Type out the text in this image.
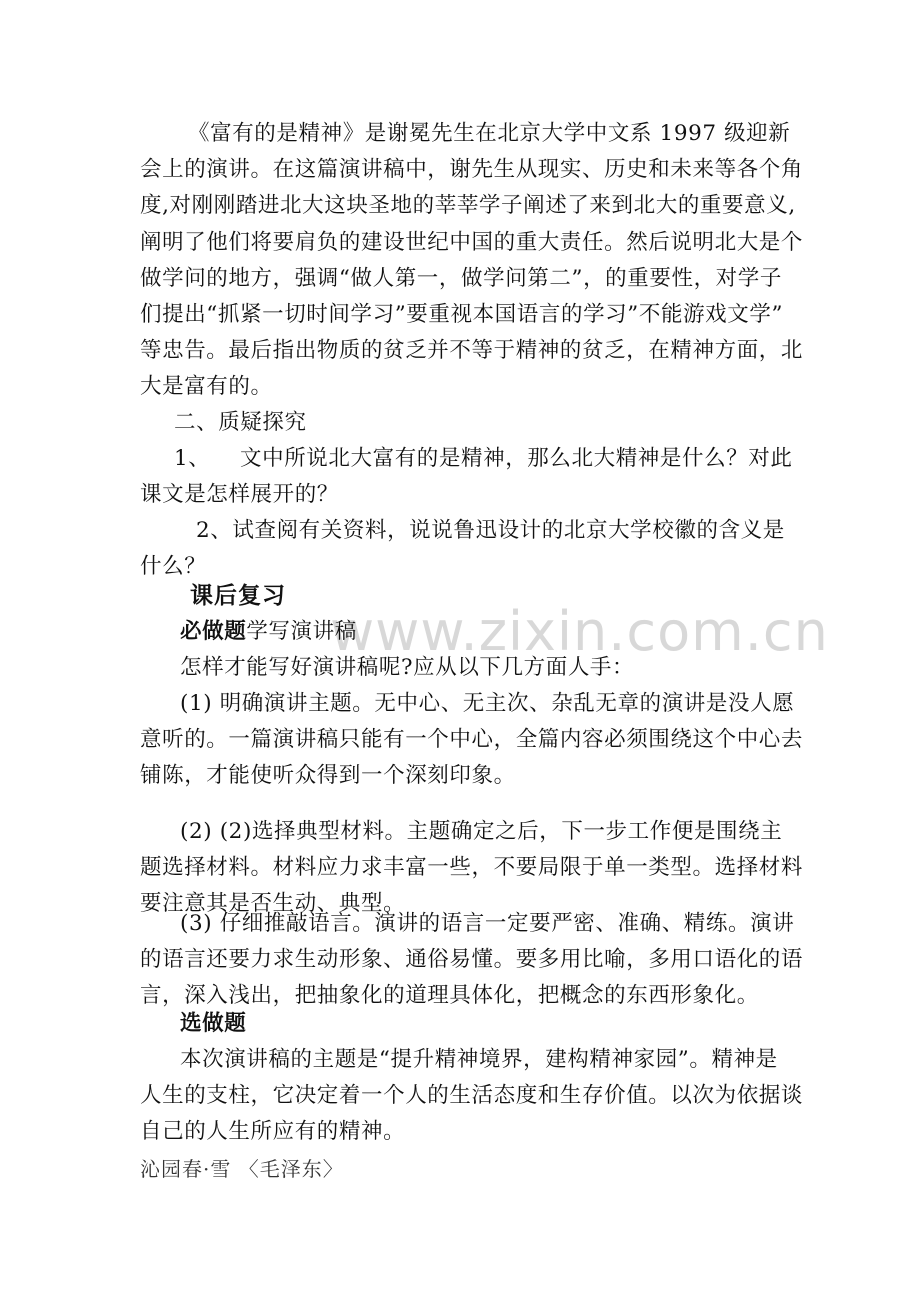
www.zixin.com.cn
《富有的是精神》是谢冕先生在北京大学中文系 1997 级迎新
会上的演讲。在这篇演讲稿中，谢先生从现实、历史和未来等各个角
度,对刚刚踏进北大这块圣地的莘莘学子阐述了来到北大的重要意义,
阐明了他们将要肩负的建设世纪中国的重大责任。然后说明北大是个
做学问的地方，强调“做人第一，做学问第二”，的重要性，对学子
们提出“抓紧一切时间学习”要重视本国语言的学习”不能游戏文学”
等忠告。最后指出物质的贫乏并不等于精神的贫乏，在精神方面，北
大是富有的。
二、质疑探究
1、	文中所说北大富有的是精神，那么北大精神是什么？对此
课文是怎样展开的？
2、试查阅有关资料，说说鲁迅设计的北京大学校徽的含义是
什么？
课后复习
必做题学写演讲稿
怎样才能写好演讲稿呢?应从以下几方面人手：
(1) 明确演讲主题。无中心、无主次、杂乱无章的演讲是没人愿
意听的。一篇演讲稿只能有一个中心，全篇内容必须围绕这个中心去
铺陈，才能使听众得到一个深刻印象。
(2) (2)选择典型材料。主题确定之后，下一步工作便是围绕主
题选择材料。材料应力求丰富一些，不要局限于单一类型。选择材料
要注意其是否生动、典型。
(3) 仔细推敲语言。演讲的语言一定要严密、准确、精练。演讲
的语言还要力求生动形象、通俗易懂。要多用比喻，多用口语化的语
言，深入浅出，把抽象化的道理具体化，把概念的东西形象化。
选做题
本次演讲稿的主题是“提升精神境界，建构精神家园”。精神是
人生的支柱，它决定着一个人的生活态度和生存价值。以次为依据谈
自己的人生所应有的精神。
沁园春·雪 〈毛泽东〉
